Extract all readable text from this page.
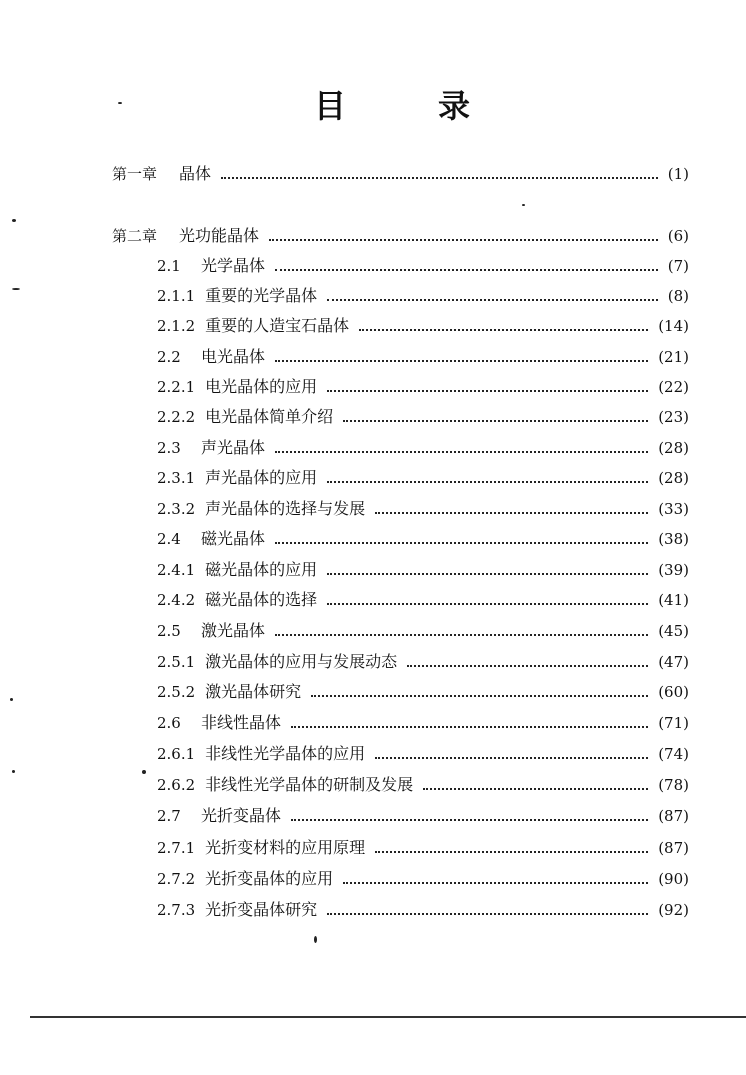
目	录
第一章 晶体	(1)
第二章 光功能晶体	(6)
2.1	光学晶体	(7)
2.1.1 重要的光学晶体	(8)
2.1.2 重要的人造宝石晶体	(14)
2.2	电光晶体	(21)
2.2.1 电光晶体的应用	(22)
2.2.2 电光晶体简单介绍	(23)
2.3	声光晶体	(28)
2.3.1 声光晶体的应用	(28)
2.3.2 声光晶体的选择与发展	(33)
2.4	磁光晶体	(38)
2.4.1 磁光晶体的应用	(39)
2.4.2 磁光晶体的选择	(41)
2.5	激光晶体	(45)
2.5.1 激光晶体的应用与发展动态	(47)
2.5.2 激光晶体研究	(60)
2.6	非线性晶体	(71)
2.6.1 非线性光学晶体的应用	(74)
2.6.2 非线性光学晶体的研制及发展	(78)
2.7	光折变晶体	(87)
2.7.1 光折变材料的应用原理	(87)
2.7.2 光折变晶体的应用	(90)
2.7.3 光折变晶体研究	(92)
